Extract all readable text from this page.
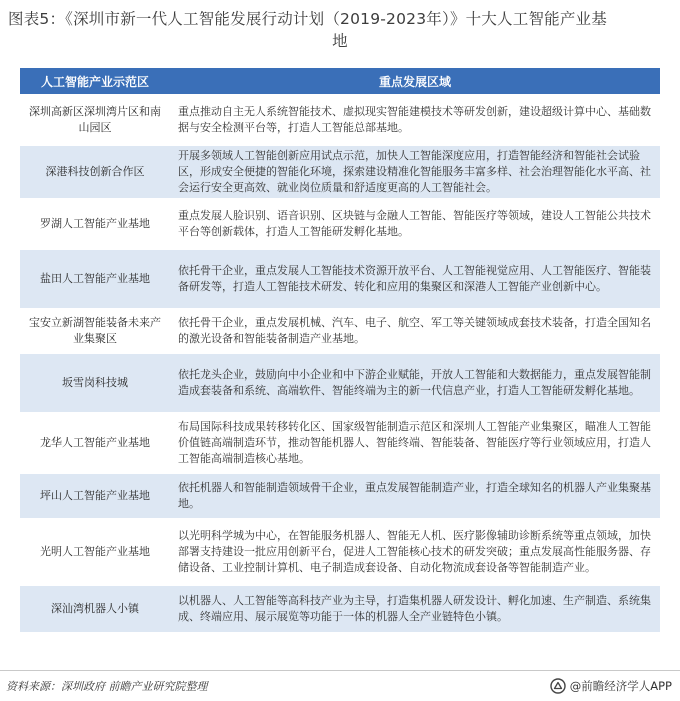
图表5：《深圳市新一代人工智能发展行动计划（2019-2023年）》十大人工智能产业基
地
人工智能产业示范区	重点发展区域
深圳高新区深圳湾片区和南山园区	重点推动自主无人系统智能技术、虚拟现实智能建模技术等研发创新，建设超级计算中心、基础数据与安全检测平台等，打造人工智能总部基地。
深港科技创新合作区	开展多领域人工智能创新应用试点示范，加快人工智能深度应用，打造智能经济和智能社会试验区，形成安全便捷的智能化环境，探索建设精准化智能服务丰富多样、社会治理智能化水平高、社会运行安全更高效、就业岗位质量和舒适度更高的人工智能社会。
罗湖人工智能产业基地	重点发展人脸识别、语音识别、区块链与金融人工智能、智能医疗等领域，建设人工智能公共技术平台等创新载体，打造人工智能研发孵化基地。
盐田人工智能产业基地	依托骨干企业，重点发展人工智能技术资源开放平台、人工智能视觉应用、人工智能医疗、智能装备研发等，打造人工智能技术研发、转化和应用的集聚区和深港人工智能产业创新中心。
宝安立新湖智能装备未来产业集聚区	依托骨干企业，重点发展机械、汽车、电子、航空、军工等关键领域成套技术装备，打造全国知名的激光设备和智能装备制造产业基地。
坂雪岗科技城	依托龙头企业，鼓励向中小企业和中下游企业赋能，开放人工智能和大数据能力，重点发展智能制造成套装备和系统、高端软件、智能终端为主的新一代信息产业，打造人工智能研发孵化基地。
龙华人工智能产业基地	布局国际科技成果转移转化区、国家级智能制造示范区和深圳人工智能产业集聚区，瞄准人工智能价值链高端制造环节，推动智能机器人、智能终端、智能装备、智能医疗等行业领域应用，打造人工智能高端制造核心基地。
坪山人工智能产业基地	依托机器人和智能制造领域骨干企业，重点发展智能制造产业，打造全球知名的机器人产业集聚基地。
光明人工智能产业基地	以光明科学城为中心，在智能服务机器人、智能无人机、医疗影像辅助诊断系统等重点领域，加快部署支持建设一批应用创新平台，促进人工智能核心技术的研发突破；重点发展高性能服务器、存储设备、工业控制计算机、电子制造成套设备、自动化物流成套设备等智能制造产业。
深汕湾机器人小镇	以机器人、人工智能等高科技产业为主导，打造集机器人研发设计、孵化加速、生产制造、系统集成、终端应用、展示展览等功能于一体的机器人全产业链特色小镇。
资料来源：深圳政府 前瞻产业研究院整理	@前瞻经济学人APP
